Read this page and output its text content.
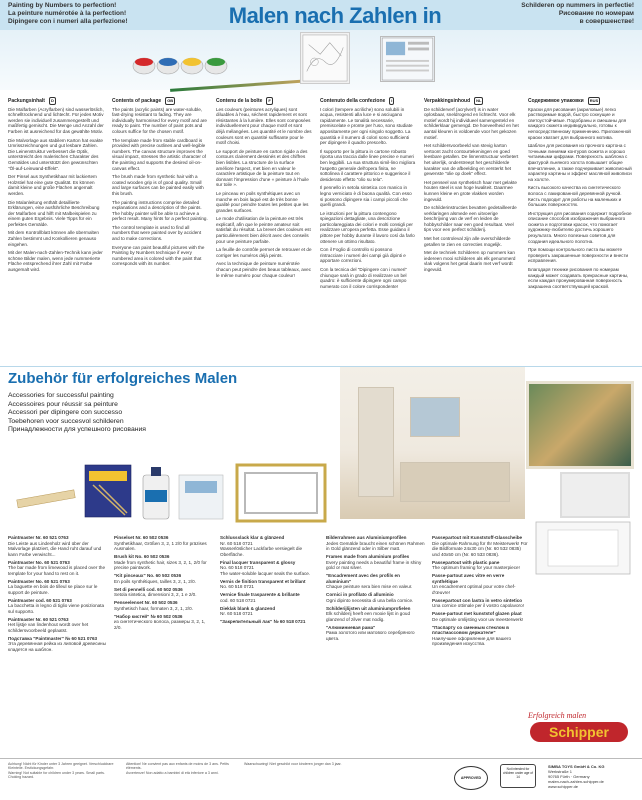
Painting by Numbers to perfection!
La peinture numérotée à la perfection!
Dipingere con i numeri alla perfezione!	Malen nach Zahlen in	Schilderen op nummers in perfectie!
Рисование по номерам
в совершенстве!
Packungsinhalt D

Die Malfarben (Acrylfarben) sind wasserlöslich, schnelltrocknend und lichtecht. Für jedes Motiv werden sie individuell zusammengestellt und maßfertig gemischt. Die Menge und Anzahl der Farben ist ausreichend für das gewählte Motiv.

Die Malvorlage aus stabilem Karton hat exakte Umrisszeichnungen und gut lesbare Zahlen. Die Leinenstruktur verbessert die Optik, unterstreicht den malerischen Charakter des Gemäldes und unterstützt den gewünschten "Öl-auf-Leinwand-Effekt".

Der Pinsel aus Synthetikhaar mit lackiertem Holzstiel hat eine gute Qualität. Es können damit kleine und große Flächen angemalt werden.

Die Malanleitung enthält detaillierte Erklärungen, eine ausführliche Beschreibung der Malfarben und hilft mit Malbeispielen zu einem guten Ergebnis. Viele Tipps für ein perfektes Gemälde.

Mit dem Kontrollblatt können alle übermalten Zahlen bestimmt und Konkollieren genauso eingehen.

Mit der Malen-nach-Zahlen-Technik kann jeder schöne Bilder malen, wenn jede nummerierte Fläche entsprechend ihrer Zahl mit Farbe ausgemalt wird.

Contents of package GB

The paints (acrylic paints) are water-soluble, fast-drying resistant to fading. They are individually harmonised for every motif and are ready to paint. The number of paint pots and colours suffice for the chosen motif.

The template made from stable cardboard is provided with precise outlines and well-legible numbers. The canvas structure improves the visual impact, stresses the artistic character of the painting and supports the desired oil-on-canvas effect.

The brush made from synthetic hair with a coated wooden grip is of good quality. Small and large surfaces can be painted easily with this brush.

The painting instructions comprise detailed explanations and a description of the paints. The hobby painter will be able to achieve a perfect result. Many hints for a perfect painting.

The control template is used to find all numbers that were painted over by accident and to make corrections.

Everyone can paint beautiful pictures with the Painting by Numbers technique if every numbered area is colored with the paint that corresponds with its number.

Contenu de la boîte F

Les couleurs (peintures acryliques) sont diluables à l'eau, séchent rapidement et sont résistantes à la lumière. Elles sont composées individuellement pour chaque motif et sont déjà mélangées. Les quantité et le nombre des couleurs sont en quantité suffisante pour le motif choisi.

Le support de peinture en carton rigide a des contours clairement dessinés et des chiffres bien lisibles. La structure de la surface améliore l'aspect, met bien en valeur le caractère artistique de la peinture tout en donnant l'impression d'une « peinture à l'huile sur toile ».

Le pinceau en poils synthétiques avec un manche en bois laqué est de très bonne qualité pour peindre toutes les petites que les grandes surfaces.

Le mode d'utilisation de la peinture est très explicatif, afin que le peintre amateur soit satisfait du résultat. La brevet des couleurs est particulièrement bien décrit avec des conseils pour une peinture parfaite.

La feuille de contrôle permet de retrouver et de corriger les numéros déjà peints.

Avec la technique de peinture numérotée chacun peut peindre des beaux tableaux, avec le même numéro pour chaque couleur!

Contenuto della confezione I

I colori (tempere acriliche) sono solubili in acqua, resistenti alla luce e si asciugano rapidamente. Le tonalità necessarie, premiscelate e pronte per l'uso, sono studiate appositamente per ogni singolo soggetto. La quantità e il numero di colori sono sufficienti per dipingere il quadro prescelto.

Il supporto per la pittura in cartone robusto riporta una traccia dalle linee precise e numeri ben leggibili. La sua struttura simil-lino migliora l'aspetto generale dell'opera finita, ne sottolinea il carattere pittorico e suggerisce il desiderato effetto "olio su tela".

Il pennello in setola sintetica con manico in legno verniciato è di buona qualità. Con esso si possono dipingere sia i campi piccoli che quelli grandi.

Le istruzioni per la pittura contengono spiegazioni dettagliate, una descrizione particolareggiata dei colori e molti consigli per realizzare un'opera perfetta. Esse guidano il pittore per hobby durante il lavoro così da farlo ottenere un ottimo risultato.

Con il Foglio di controllo si possono rintracciare i numeri dei campi già dipinti e apportare correzioni.

Con la tecnica del "Dipingere con i numeri" chiunque sarà in grado di realizzare un bel quadro: è sufficiente dipingere ogni campo numerato con il colore corrispondente!

Verpakkingsinhoud NL

De schilderverf (acrylverf) is in water oplosbaar, sneldrogend en lichtecht. Voor elk motief wordt hij individueel samengesteld en schilderklaar gemengd. De hoeveelheid en het aantal kleuren is voldoende voor het gekozen motief.

Het schildersvoorbeeld van stevig karton vertoont zacht contourtekeningen en goed leesbare getallen. De linnenstructuur verbetert het uiterlijk, onderstreept het geschilderde karakter van de afbeelding en versterkt het gewenste "olie op doek" effect.

Het penseel van synthetisch haar met gelakte houten steel is van hoge kwaliteit. Daarmee kunnen kleine en grote vlakken worden ingevuld.

De schilderinstructies bevatten gedetailleerde verklaringen alsmede een uitvoerige beschrijving van de verf en leiden de hobbyschilder naar een goed resultaat. Veel tips voor een perfect schilderij.

Met het controleval zijn alle overschilderde getallen te zien en correcties mogelijk.

Met de techniek Schilderen op nummers kan iedereen mooi schilderen als elk genummerd vlak volgens het getal daarin met verf wordt ingevuld.

Содержимое упаковки RUS

Краски для рисования (акриловые) легко растворимые водой, быстро сохнущие и светоустойчивые. Подобраны и смешаны для каждого сюжета индивидуально, готовы к непосредственному применению. Приложенной краски хватает для выбранного мотива.

Шаблон для рисования из прочного картона с точными линиями контуров сюжета и хорошо читаемыми цифрами. Поверхность шаблона с фактурой льняного холста повышает общее впечатление, а также подчеркивает живописный характер картины и эффект масляной живописи на холсте.

Кисть высокого качества из синтетического волоса с лакированной деревянной ручкой. Кисть подходит для работы на маленьких и больших поверхностях.

Инструкция для рисования содержит подробное описание способов изображения выбранного сюжета и подготовки красок, что помогает художнику-любителю достичь хорошего результата. Много полезных советов для создания идеального полотна.

При помощи контрольного листа вы можете проверить закрашенные поверхности и внести исправления.

Благодаря технике рисования по номерам каждый может создавать прекрасные картины, если каждая пронумерованная поверхность закрашена соответствующей краской.

Zubehör für erfolgreiches Malen
Accessories for successful painting
Accessoires pour réussir sa peinture
Accessori per dipingere con successo
Toebehoren voor succesvol schilderen
Принадлежности для успешного рисования

Paintmaster Nr. 60 521 0763
Die Leiste aus Lindenholz wird über der Malvorlage platziert, die Hand ruht darauf und kann Farbe verwischt...

Paintmaster No. 60 521 0763
The bar made from limewood is placed over the template for your hand to rest on it.

Paintmaster No. 60 521 0763
La baguette en bois de tilleul se place sur le support de peinture.

Paintmaster cod. 60 521 0763
La bacchetta in legno di tiglio viene posizionata sul supporto.

Paintmaster Nr. 60 521 0763
Het lijstje van lindenhout wordt over het schildersvoorbeeld geplaatst.

Подставка "Paintmaster" № 60 521 0763
Эта деревянная рейка из липовой древесины кладется на шаблон.

Pinselset Nr. 60 502 0536
Synthetikhaar, Größen 3, 2, 1 2/0 für präzises Ausmalen.

Brush kit No. 60 502 0536
Made from synthetic hair, sizes 3, 2, 1, 2/0 for precise paintwork.

"Kit pinceaux" No. 60 502 0536
En poils synthétiques, tailles 3, 2, 1, 2/0.

Set di pennelli cod. 60 502 0536
Setola sintetica, dimensioni 3, 2, 1 e 2/0.

Penseelenset Nr. 60 502 0536
Synthetisch haar, formaten 3, 2, 1, 2/0.

"Набор кистей" № 60 502 0536
из синтетического волоса, размеры 3, 2, 1, 2/0.

Schlussslack klar & glänzend
Nr. 60 518 0721
Wasserlöslicher Lackfarbe versiegelt die Oberfläche.

Final lacquer transparent & glossy
No. 60 518 0721
The water-soluble lacquer seals the surface.

Vernis de finition transparent et brillant
No. 60 518 0721

Vernice finale trasparente & brillante
cod. 60 518 0721

Dieklak blank & glanzend
Nr. 60 518 0721

"Закрепительный лак" № 60 518 0721

Bilderrahmen aus Aluminiumprofilen
Jedes Gemälde braucht einen schönen Rahmen in Gold glänzend oder in Silber matt.

Frames made from aluminium profiles
Every painting needs a beautiful frame in shiny gold or mat silver.

"Encadrement avec des profils en aluminium"
Chaque peinture sera bien mise en valeur.

Cornici in profilato di alluminio
Ogni dipinto necessita di una bella cornice.

Schilderijlijsten uit aluminiumprofielen
Elk schilderij heeft een mooie lijst in goud glanzend of zilver mat nodig.

"Алюминиевая рама"
Рама золотого или матового серебряного цвета.

Passepartout mit Kunststoff-Glasscheibe
Die optimale Rahmung für Ihr Meisterwerk! Für die Bildformate 24x30 cm (Nr. 60 532 0835) und 40x50 cm (Nr. 60 533 0836).

Passepartout with plastic pane
The optimum framing for your masterpiece!

Passe-partout avec vitre en verre synthétique
Un encadrement optimal pour votre chef-d'œuvre!

Passepartout con lastra in vetro sintetico
Una cornice ottimale per il vostro capolavoro!

Passe-partout met kunststof glazen plaat
De optimale omlijsting voor uw meesterwerk!

"Паспарту со сменным стеклом в пластмассовом держателе"
Наилучшее оформление для вашего произведения искусства.

Erfolgreich malen
Schipper
Achtung! Nicht für Kinder unter 3 Jahren geeignet. Verschluckbare Kleinteile. Erstickungsgefahr.
Warning! Not suitable for children under 3 years. Small parts. Choking hazard.
Attention! Ne convient pas aux enfants de moins de 3 ans. Petits éléments.
Avvertenze! Non adatto a bambini di età inferiore a 3 anni.
Waarschuwing! Niet geschikt voor kinderen jonger dan 3 jaar.
APPROVED
Not intended for children under age of 14
SIMBA TOYS GmbH & Co. KG
Werkstraße 1
90765 Fürth · Germany
malen-nach-zahlen-schipper.de
www.schipper.de
